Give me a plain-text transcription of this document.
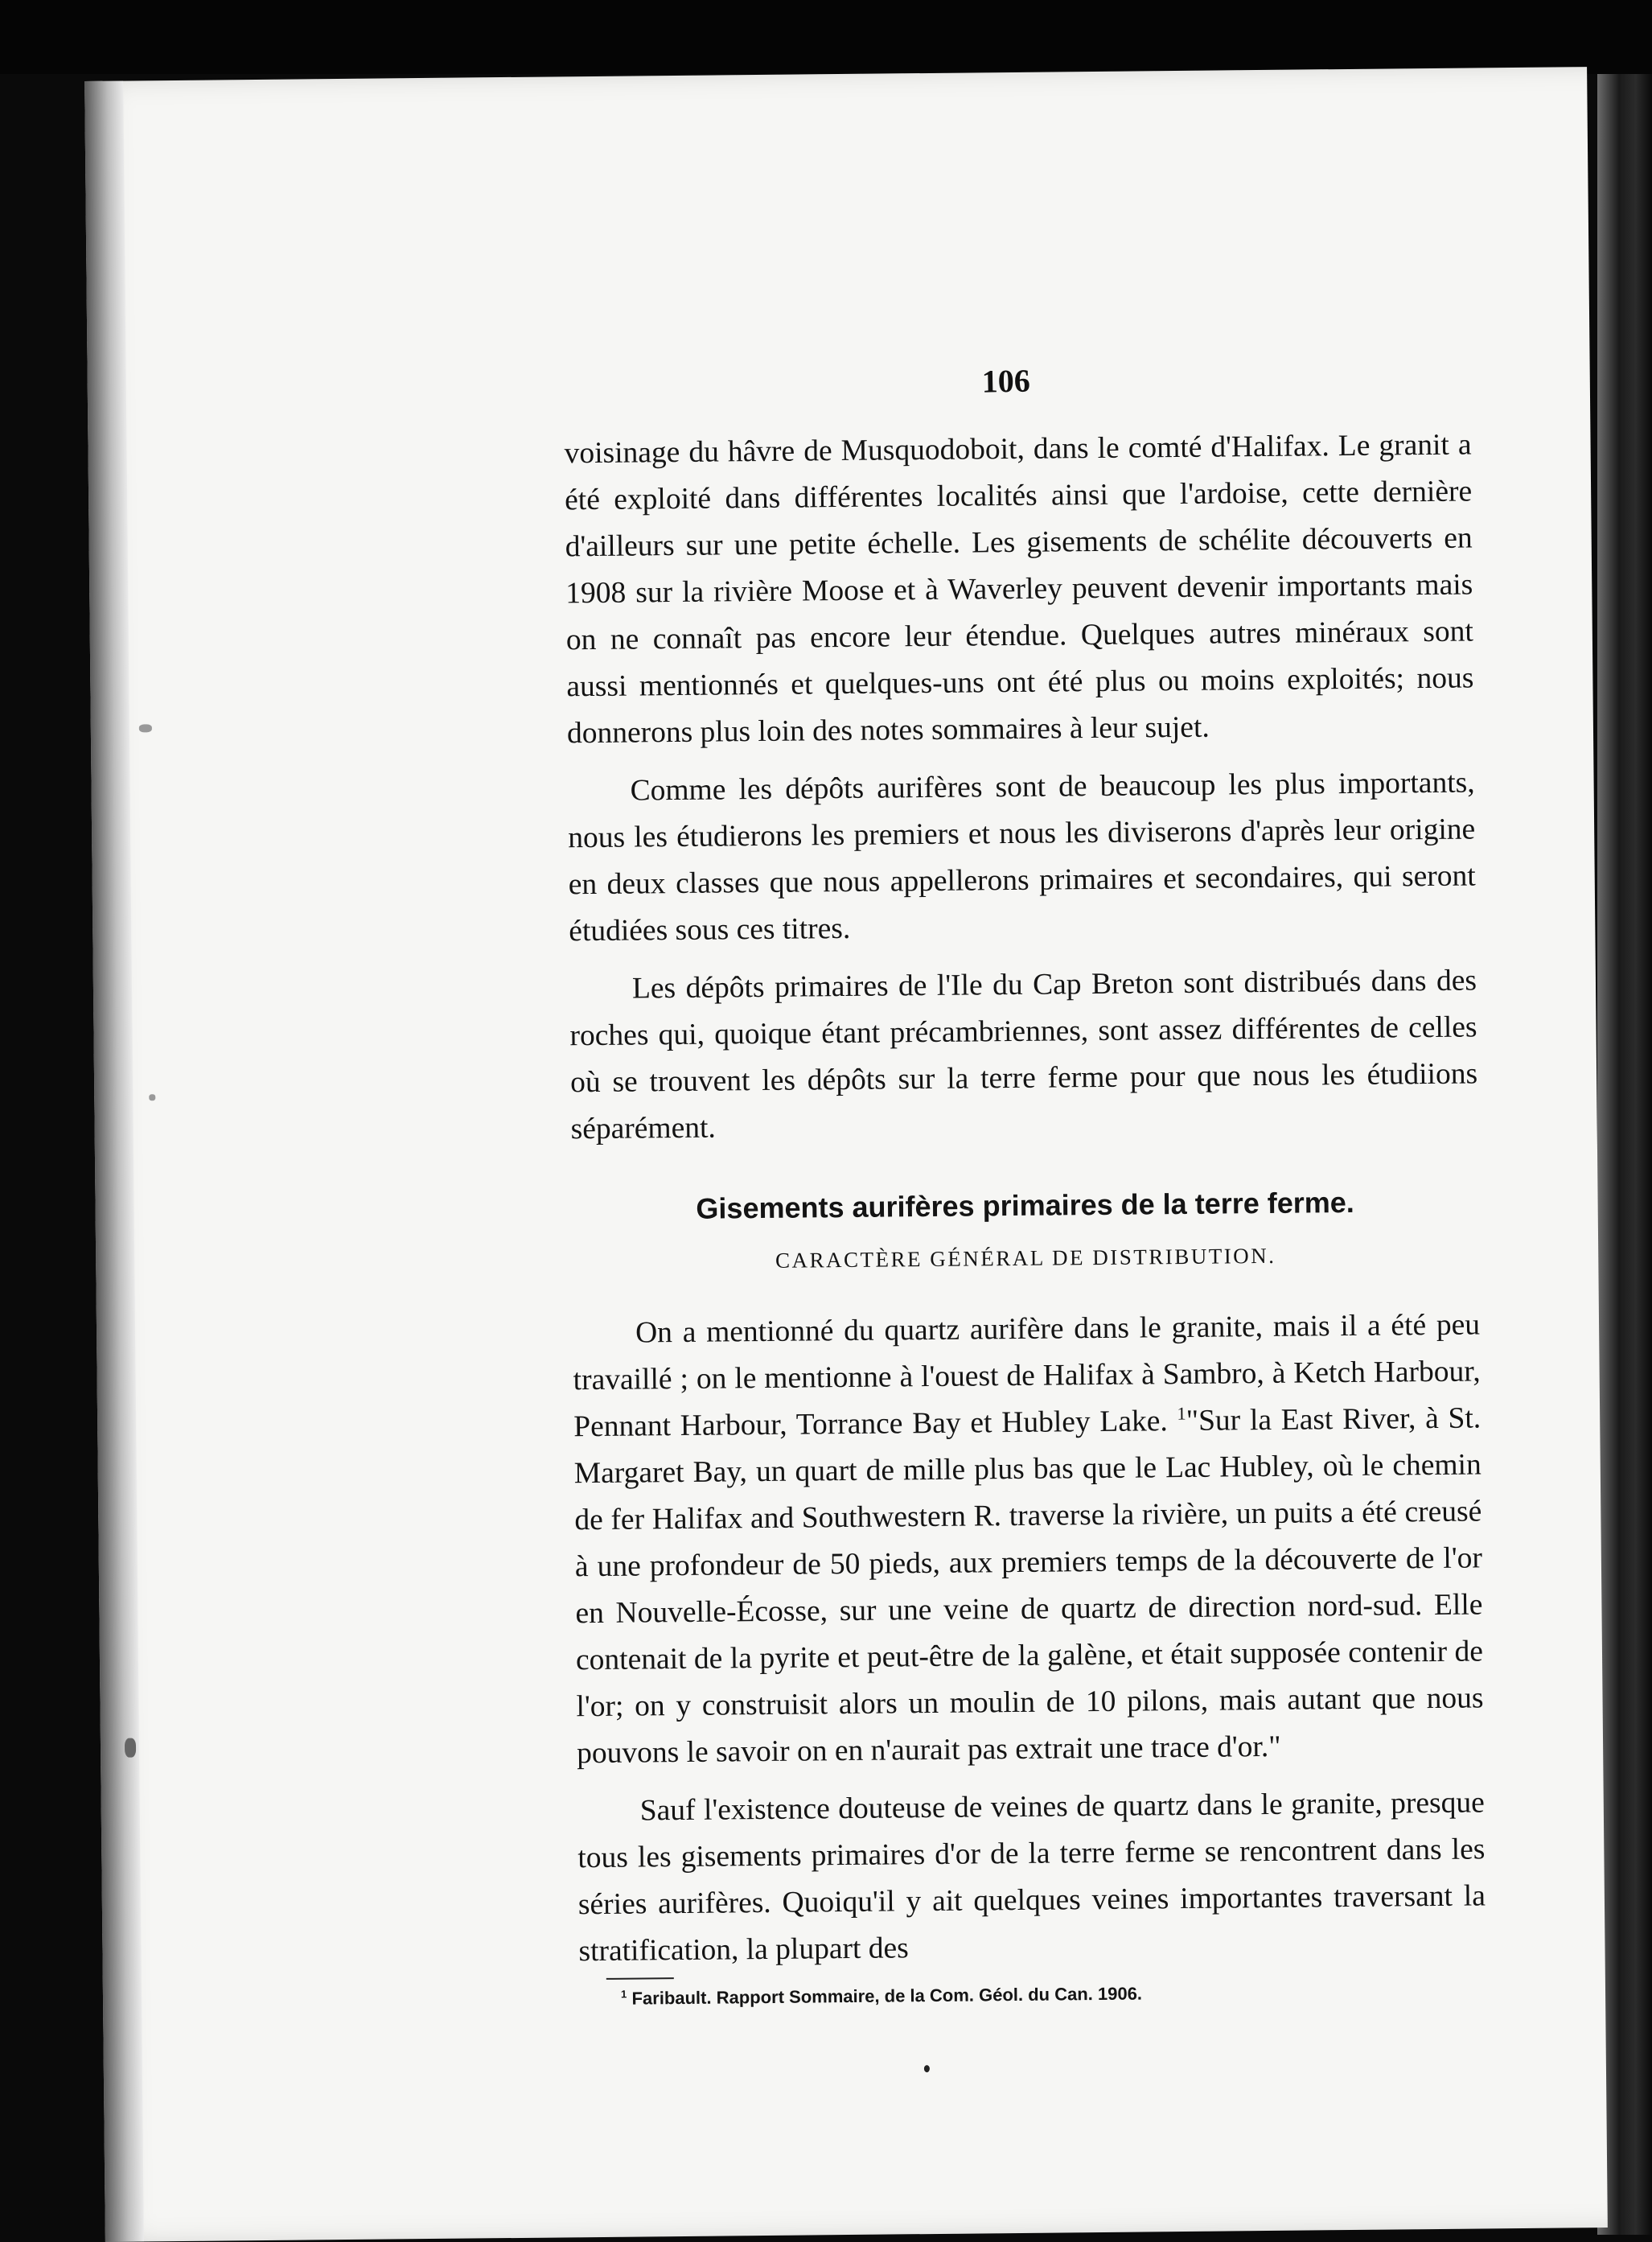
106

voisinage du hâvre de Musquodoboit, dans le comté d'Halifax. Le granit a été exploité dans différentes localités ainsi que l'ardoise, cette dernière d'ailleurs sur une petite échelle. Les gisements de schélite découverts en 1908 sur la rivière Moose et à Waverley peuvent devenir importants mais on ne connaît pas encore leur étendue. Quelques autres minéraux sont aussi mentionnés et quelques-uns ont été plus ou moins exploités; nous donnerons plus loin des notes sommaires à leur sujet.

Comme les dépôts aurifères sont de beaucoup les plus importants, nous les étudierons les premiers et nous les diviserons d'après leur origine en deux classes que nous appellerons primaires et secondaires, qui seront étudiées sous ces titres.

Les dépôts primaires de l'Ile du Cap Breton sont distribués dans des roches qui, quoique étant précambriennes, sont assez différentes de celles où se trouvent les dépôts sur la terre ferme pour que nous les étudiions séparément.

Gisements aurifères primaires de la terre ferme.
CARACTÈRE GÉNÉRAL DE DISTRIBUTION.

On a mentionné du quartz aurifère dans le granite, mais il a été peu travaillé ; on le mentionne à l'ouest de Halifax à Sambro, à Ketch Harbour, Pennant Harbour, Torrance Bay et Hubley Lake. $^1$"Sur la East River, à St. Margaret Bay, un quart de mille plus bas que le Lac Hubley, où le chemin de fer Halifax and Southwestern R. traverse la rivière, un puits a été creusé à une profondeur de 50 pieds, aux premiers temps de la découverte de l'or en Nouvelle-Écosse, sur une veine de quartz de direction nord-sud. Elle contenait de la pyrite et peut-être de la galène, et était supposée contenir de l'or; on y construisit alors un moulin de 10 pilons, mais autant que nous pouvons le savoir on en n'aurait pas extrait une trace d'or."

Sauf l'existence douteuse de veines de quartz dans le granite, presque tous les gisements primaires d'or de la terre ferme se rencontrent dans les séries aurifères. Quoiqu'il y ait quelques veines importantes traversant la stratification, la plupart des

$^1$ Faribault. Rapport Sommaire, de la Com. Géol. du Can. 1906.
